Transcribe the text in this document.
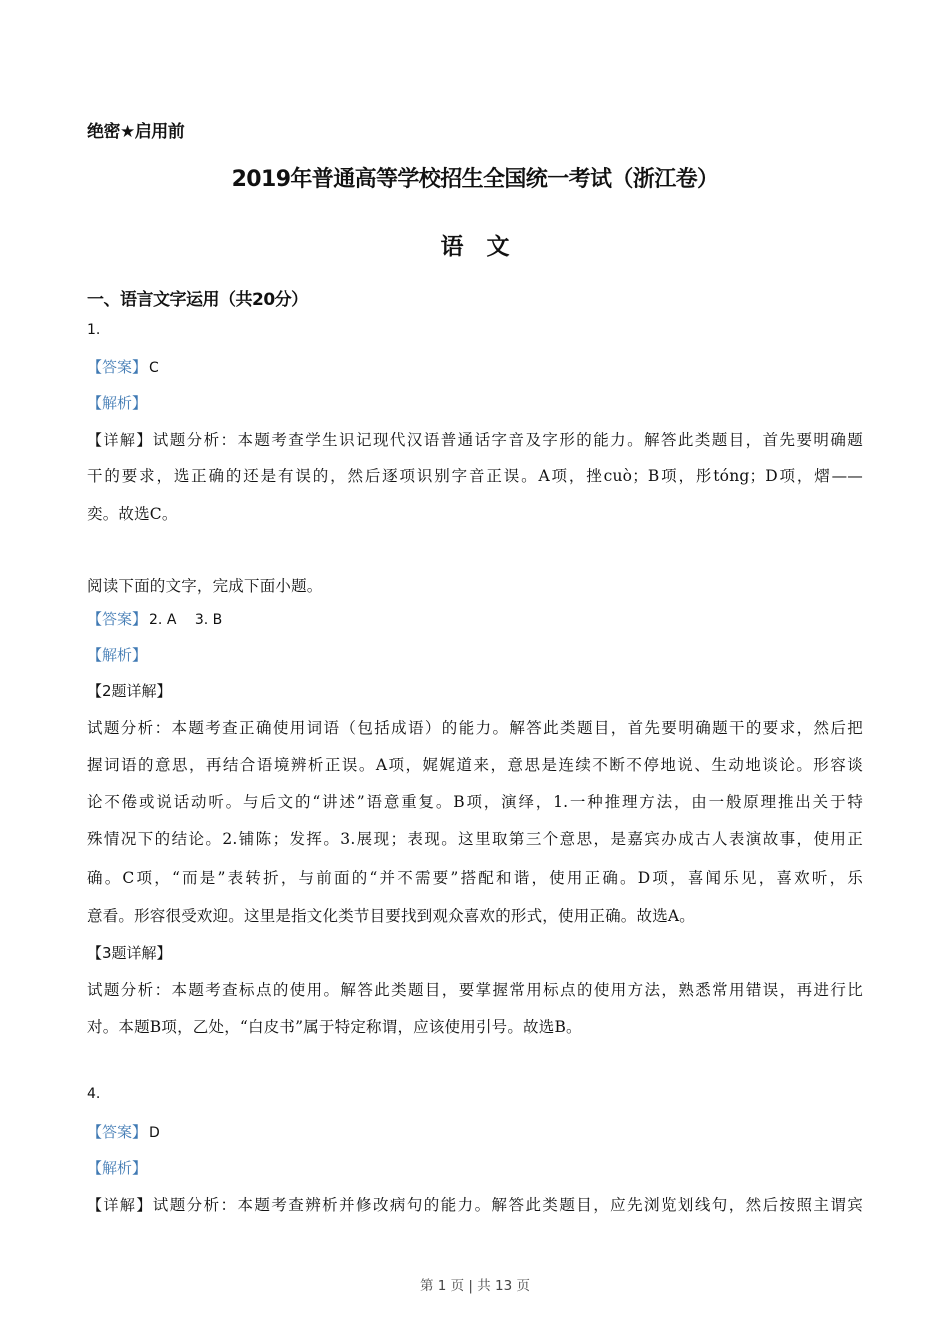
绝密★启用前
2019年普通高等学校招生全国统一考试（浙江卷）
语　文
一、语言文字运用（共20分）
1.
【答案】 C
【解析】
【详解】试题分析：本题考查学生识记现代汉语普通话字音及字形的能力。解答此类题目，首先要明确题
干的要求，选正确的还是有误的，然后逐项识别字音正误。A项，挫cuò；B项，彤tóng；D项，熠——
奕。故选C。
阅读下面的文字，完成下面小题。
【答案】 2. A　 3. B
【解析】
【2题详解】
试题分析：本题考查正确使用词语（包括成语）的能力。解答此类题目，首先要明确题干的要求，然后把
握词语的意思，再结合语境辨析正误。A项，娓娓道来，意思是连续不断不停地说、生动地谈论。形容谈
论不倦或说话动听。与后文的“讲述”语意重复。B项，演绎，1.一种推理方法，由一般原理推出关于特
殊情况下的结论。2.铺陈；发挥。3.展现；表现。这里取第三个意思，是嘉宾办成古人表演故事，使用正
确。C项，“而是”表转折，与前面的“并不需要”搭配和谐，使用正确。D项，喜闻乐见，喜欢听，乐
意看。形容很受欢迎。这里是指文化类节目要找到观众喜欢的形式，使用正确。故选A。
【3题详解】
试题分析：本题考查标点的使用。解答此类题目，要掌握常用标点的使用方法，熟悉常用错误，再进行比
对。本题B项，乙处，“白皮书”属于特定称谓，应该使用引号。故选B。
4.
【答案】 D
【解析】
【详解】试题分析：本题考查辨析并修改病句的能力。解答此类题目，应先浏览划线句，然后按照主谓宾
第 1 页 | 共 13 页
